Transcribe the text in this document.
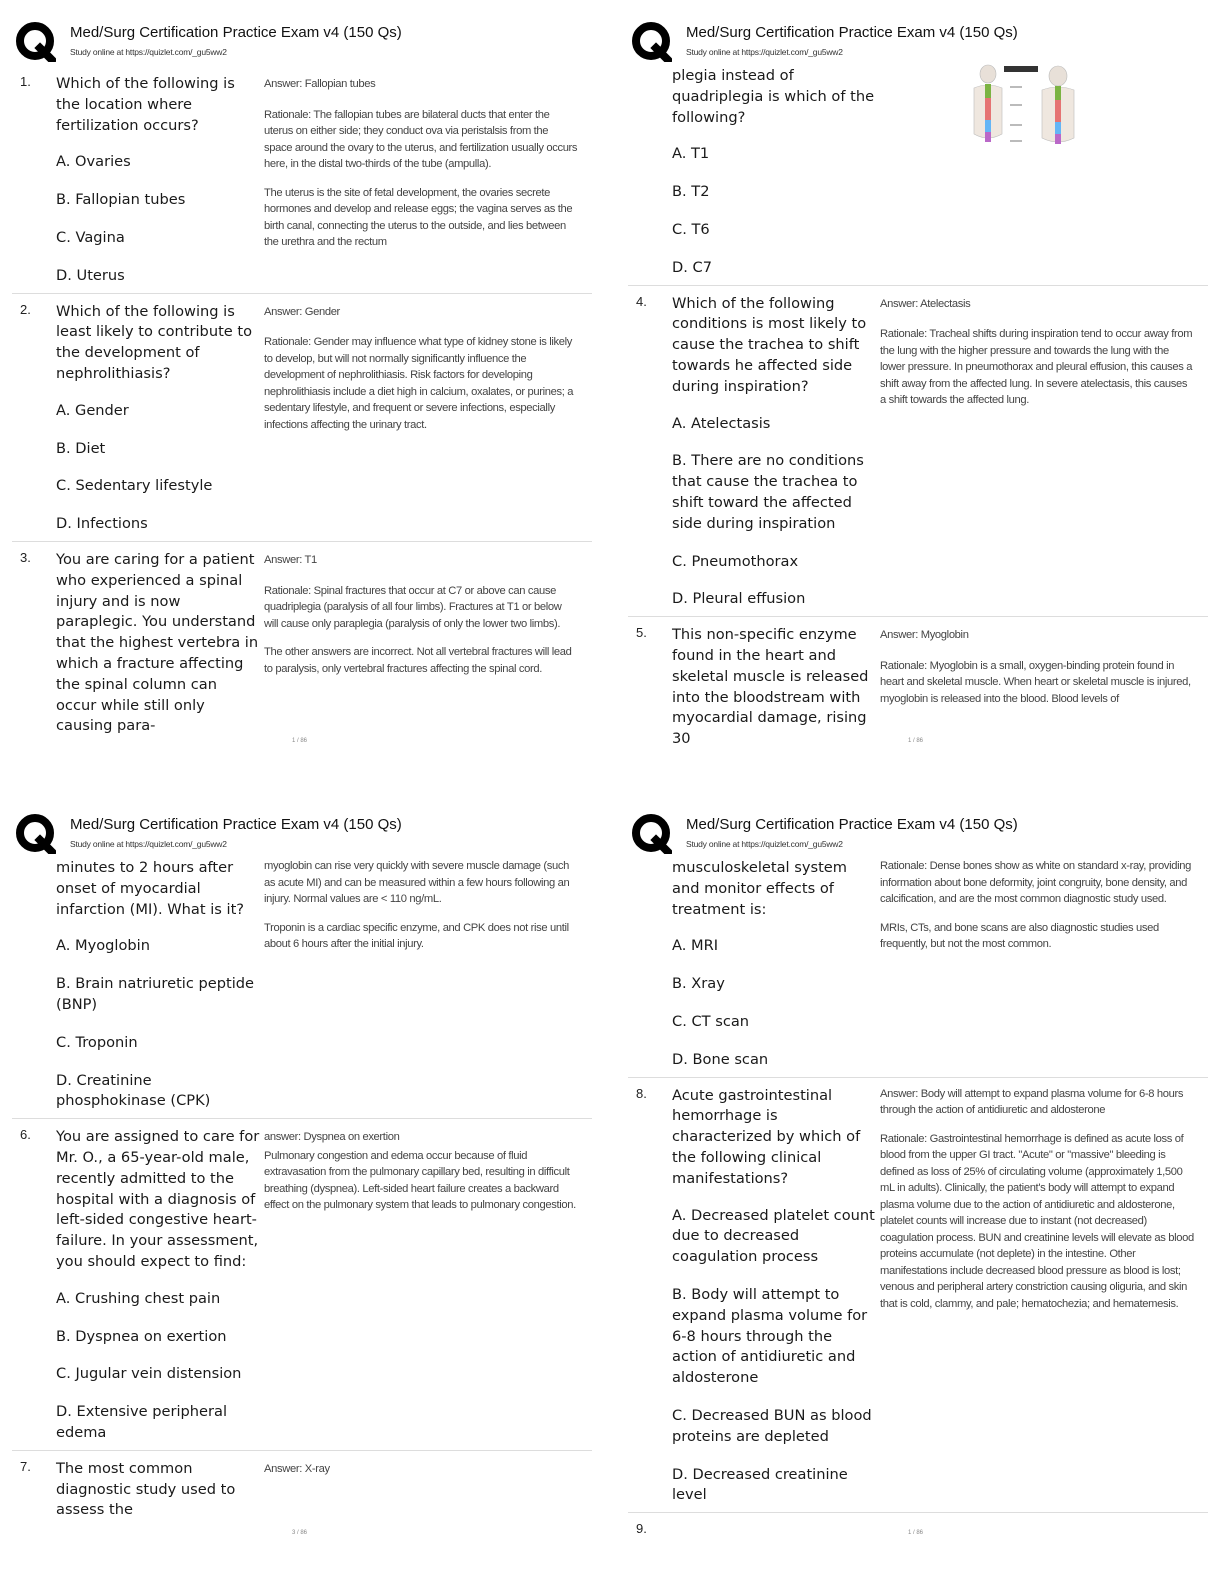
Med/Surg Certification Practice Exam v4 (150 Qs)
Study online at https://quizlet.com/_gu5ww2
1.	Which of the following is the location where fertilization occurs?
A. Ovaries
B. Fallopian tubes
C. Vagina
D. Uterus
Answer: Fallopian tubes
Rationale: The fallopian tubes are bilateral ducts that enter the uterus on either side; they conduct ova via peristalsis from the space around the ovary to the uterus, and fertilization usually occurs here, in the distal two-thirds of the tube (ampulla).
The uterus is the site of fetal development, the ovaries secrete hormones and develop and release eggs; the vagina serves as the birth canal, connecting the uterus to the outside, and lies between the urethra and the rectum
2.	Which of the following is least likely to contribute to the development of nephrolithiasis?
A. Gender
B. Diet
C. Sedentary lifestyle
D. Infections
Answer: Gender
Rationale: Gender may influence what type of kidney stone is likely to develop, but will not normally significantly influence the development of nephrolithiasis. Risk factors for developing nephrolithiasis include a diet high in calcium, oxalates, or purines; a sedentary lifestyle, and frequent or severe infections, especially infections affecting the urinary tract.
3.	You are caring for a patient who experienced a spinal injury and is now paraplegic. You understand that the highest vertebra in which a fracture affecting the spinal column can occur while still only causing para-
Answer: T1
Rationale: Spinal fractures that occur at C7 or above can cause quadriplegia (paralysis of all four limbs). Fractures at T1 or below will cause only paraplegia (paralysis of only the lower two limbs).
The other answers are incorrect. Not all vertebral fractures will lead to paralysis, only vertebral fractures affecting the spinal cord.
1 / 86
Med/Surg Certification Practice Exam v4 (150 Qs)
Study online at https://quizlet.com/_gu5ww2
plegia instead of quadriplegia is which of the following?
A. T1
B. T2
C. T6
D. C7
4.	Which of the following conditions is most likely to cause the trachea to shift towards he affected side during inspiration?
A. Atelectasis
B. There are no conditions that cause the trachea to shift toward the affected side during inspiration
C. Pneumothorax
D. Pleural effusion
Answer: Atelectasis
Rationale: Tracheal shifts during inspiration tend to occur away from the lung with the higher pressure and towards the lung with the lower pressure. In pneumothorax and pleural effusion, this causes a shift away from the affected lung. In severe atelectasis, this causes a shift towards the affected lung.
5.	This non-specific enzyme found in the heart and skeletal muscle is released into the bloodstream with myocardial damage, rising 30
Answer: Myoglobin
Rationale: Myoglobin is a small, oxygen-binding protein found in heart and skeletal muscle. When heart or skeletal muscle is injured, myoglobin is released into the blood. Blood levels of
1 / 86
Med/Surg Certification Practice Exam v4 (150 Qs)
Study online at https://quizlet.com/_gu5ww2
minutes to 2 hours after onset of myocardial infarction (MI). What is it?
A. Myoglobin
B. Brain natriuretic peptide (BNP)
C. Troponin
D. Creatinine phosphokinase (CPK)
myoglobin can rise very quickly with severe muscle damage (such as acute MI) and can be measured within a few hours following an injury. Normal values are < 110 ng/mL.
Troponin is a cardiac specific enzyme, and CPK does not rise until about 6 hours after the initial injury.
6.	You are assigned to care for Mr. O., a 65-year-old male, recently admitted to the hospital with a diagnosis of left-sided congestive heart-failure. In your assessment, you should expect to find:
A. Crushing chest pain
B. Dyspnea on exertion
C. Jugular vein distension
D. Extensive peripheral edema
answer: Dyspnea on exertion
Pulmonary congestion and edema occur because of fluid extravasation from the pulmonary capillary bed, resulting in difficult breathing (dyspnea). Left-sided heart failure creates a backward effect on the pulmonary system that leads to pulmonary congestion.
7.	The most common diagnostic study used to assess the
Answer: X-ray
3 / 86
Med/Surg Certification Practice Exam v4 (150 Qs)
Study online at https://quizlet.com/_gu5ww2
musculoskeletal system and monitor effects of treatment is:
A. MRI
B. Xray
C. CT scan
D. Bone scan
Rationale: Dense bones show as white on standard x-ray, providing information about bone deformity, joint congruity, bone density, and calcification, and are the most common diagnostic study used.
MRIs, CTs, and bone scans are also diagnostic studies used frequently, but not the most common.
8.	Acute gastrointestinal hemorrhage is characterized by which of the following clinical manifestations?
A. Decreased platelet count due to decreased coagulation process
B. Body will attempt to expand plasma volume for 6-8 hours through the action of antidiuretic and aldosterone
C. Decreased BUN as blood proteins are depleted
D. Decreased creatinine level
Answer: Body will attempt to expand plasma volume for 6-8 hours through the action of antidiuretic and aldosterone
Rationale: Gastrointestinal hemorrhage is defined as acute loss of blood from the upper GI tract. "Acute" or "massive" bleeding is defined as loss of 25% of circulating volume (approximately 1,500 mL in adults). Clinically, the patient's body will attempt to expand plasma volume due to the action of antidiuretic and aldosterone, platelet counts will increase due to instant (not decreased) coagulation process. BUN and creatinine levels will elevate as blood proteins accumulate (not deplete) in the intestine. Other manifestations include decreased blood pressure as blood is lost; venous and peripheral artery constriction causing oliguria, and skin that is cold, clammy, and pale; hematochezia; and hematemesis.
9.	1 / 86
